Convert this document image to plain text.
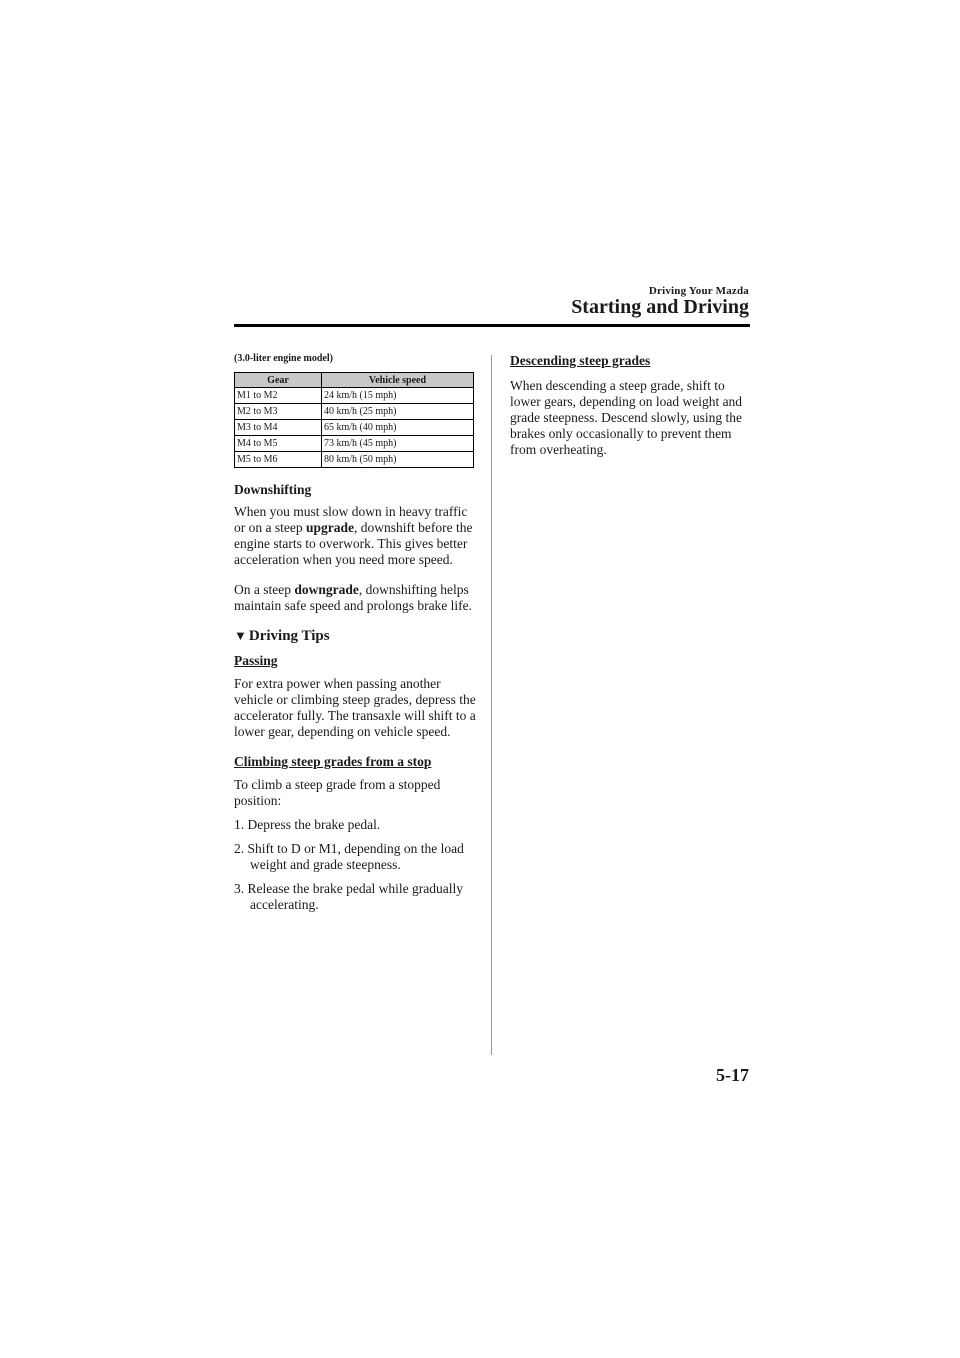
Driving Your Mazda
Starting and Driving
(3.0-liter engine model)
Gear	Vehicle speed
M1 to M2	24 km/h (15 mph)
M2 to M3	40 km/h (25 mph)
M3 to M4	65 km/h (40 mph)
M4 to M5	73 km/h (45 mph)
M5 to M6	80 km/h (50 mph)
Downshifting

When you must slow down in heavy traffic or on a steep upgrade, downshift before the engine starts to overwork. This gives better acceleration when you need more speed.

On a steep downgrade, downshifting helps maintain safe speed and prolongs brake life.

▼ Driving Tips
Passing

For extra power when passing another vehicle or climbing steep grades, depress the accelerator fully. The transaxle will shift to a lower gear, depending on vehicle speed.

Climbing steep grades from a stop

To climb a steep grade from a stopped position:

1. Depress the brake pedal.
2. Shift to D or M1, depending on the load weight and grade steepness.
3. Release the brake pedal while gradually accelerating.
Descending steep grades

When descending a steep grade, shift to lower gears, depending on load weight and grade steepness. Descend slowly, using the brakes only occasionally to prevent them from overheating.

5-17
